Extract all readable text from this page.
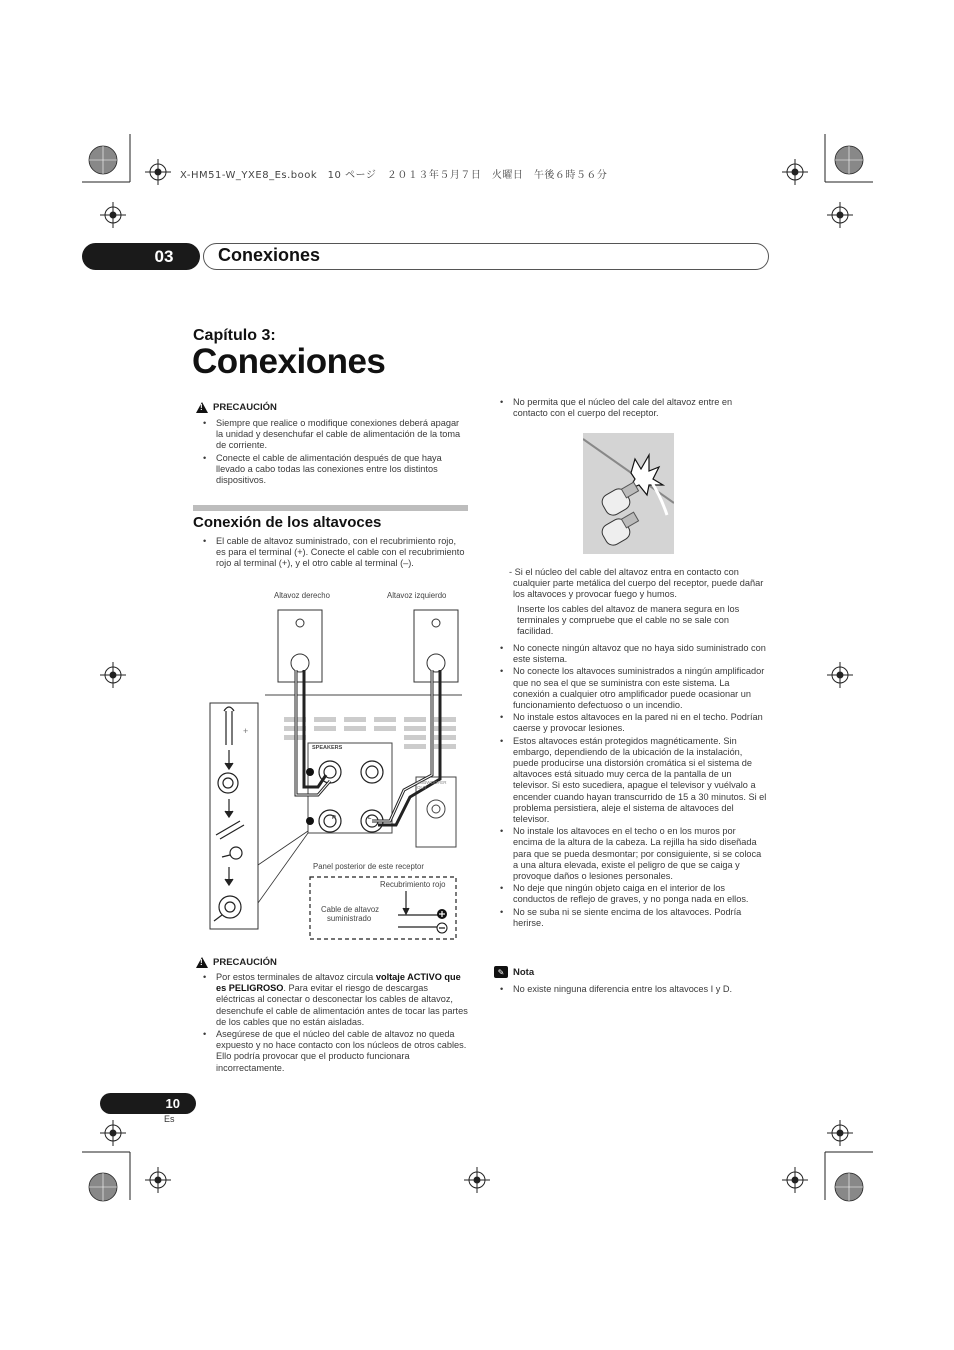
X-HM51-W_YXE8_Es.book　10 ページ　２０１３年５月７日　火曜日　午後６時５６分
03	Conexiones
Capítulo 3:
Conexiones
!
PRECAUCIÓN
• Siempre que realice o modifique conexiones deberá apagar la unidad y desenchufar el cable de alimentación de la toma de corriente.
• Conecte el cable de alimentación después de que haya llevado a cabo todas las conexiones entre los distintos dispositivos.
Conexión de los altavoces
• El cable de altavoz suministrado, con el recubrimiento rojo, es para el terminal (+). Conecte el cable con el recubrimiento rojo al terminal (+), y el otro cable al terminal (–).
Altavoz derecho	Altavoz izquierdo
SPEAKERS
SUBWOOFER OUT
R	L
+
Panel posterior de este receptor
Recubrimiento rojo
Cable de altavoz
suministrado
!
PRECAUCIÓN
• Por estos terminales de altavoz circula voltaje ACTIVO que es PELIGROSO. Para evitar el riesgo de descargas eléctricas al conectar o desconectar los cables de altavoz, desenchufe el cable de alimentación antes de tocar las partes de los cables que no están aisladas.
• Asegúrese de que el núcleo del cable de altavoz no queda expuesto y no hace contacto con los núcleos de otros cables. Ello podría provocar que el producto funcionara incorrectamente.
• No permita que el núcleo del cale del altavoz entre en contacto con el cuerpo del receptor.
- Si el núcleo del cable del altavoz entra en contacto con cualquier parte metálica del cuerpo del receptor, puede dañar los altavoces y provocar fuego y humos.
Inserte los cables del altavoz de manera segura en los terminales y compruebe que el cable no se sale con facilidad.
• No conecte ningún altavoz que no haya sido suministrado con este sistema.
• No conecte los altavoces suministrados a ningún amplificador que no sea el que se suministra con este sistema. La conexión a cualquier otro amplificador puede ocasionar un funcionamiento defectuoso o un incendio.
• No instale estos altavoces en la pared ni en el techo. Podrían caerse y provocar lesiones.
• Estos altavoces están protegidos magnéticamente. Sin embargo, dependiendo de la ubicación de la instalación, puede producirse una distorsión cromática si el sistema de altavoces está situado muy cerca de la pantalla de un televisor. Si esto sucediera, apague el televisor y vuélvalo a encender cuando hayan transcurrido de 15 a 30 minutos. Si el problema persistiera, aleje el sistema de altavoces del televisor.
• No instale los altavoces en el techo o en los muros por encima de la altura de la cabeza. La rejilla ha sido diseñada para que se pueda desmontar; por consiguiente, si se coloca a una altura elevada, existe el peligro de que se caiga y provoque daños o lesiones personales.
• No deje que ningún objeto caiga en el interior de los conductos de reflejo de graves, y no ponga nada en ellos.
• No se suba ni se siente encima de los altavoces. Podría herirse.
✎ Nota
• No existe ninguna diferencia entre los altavoces I y D.
10
Es
